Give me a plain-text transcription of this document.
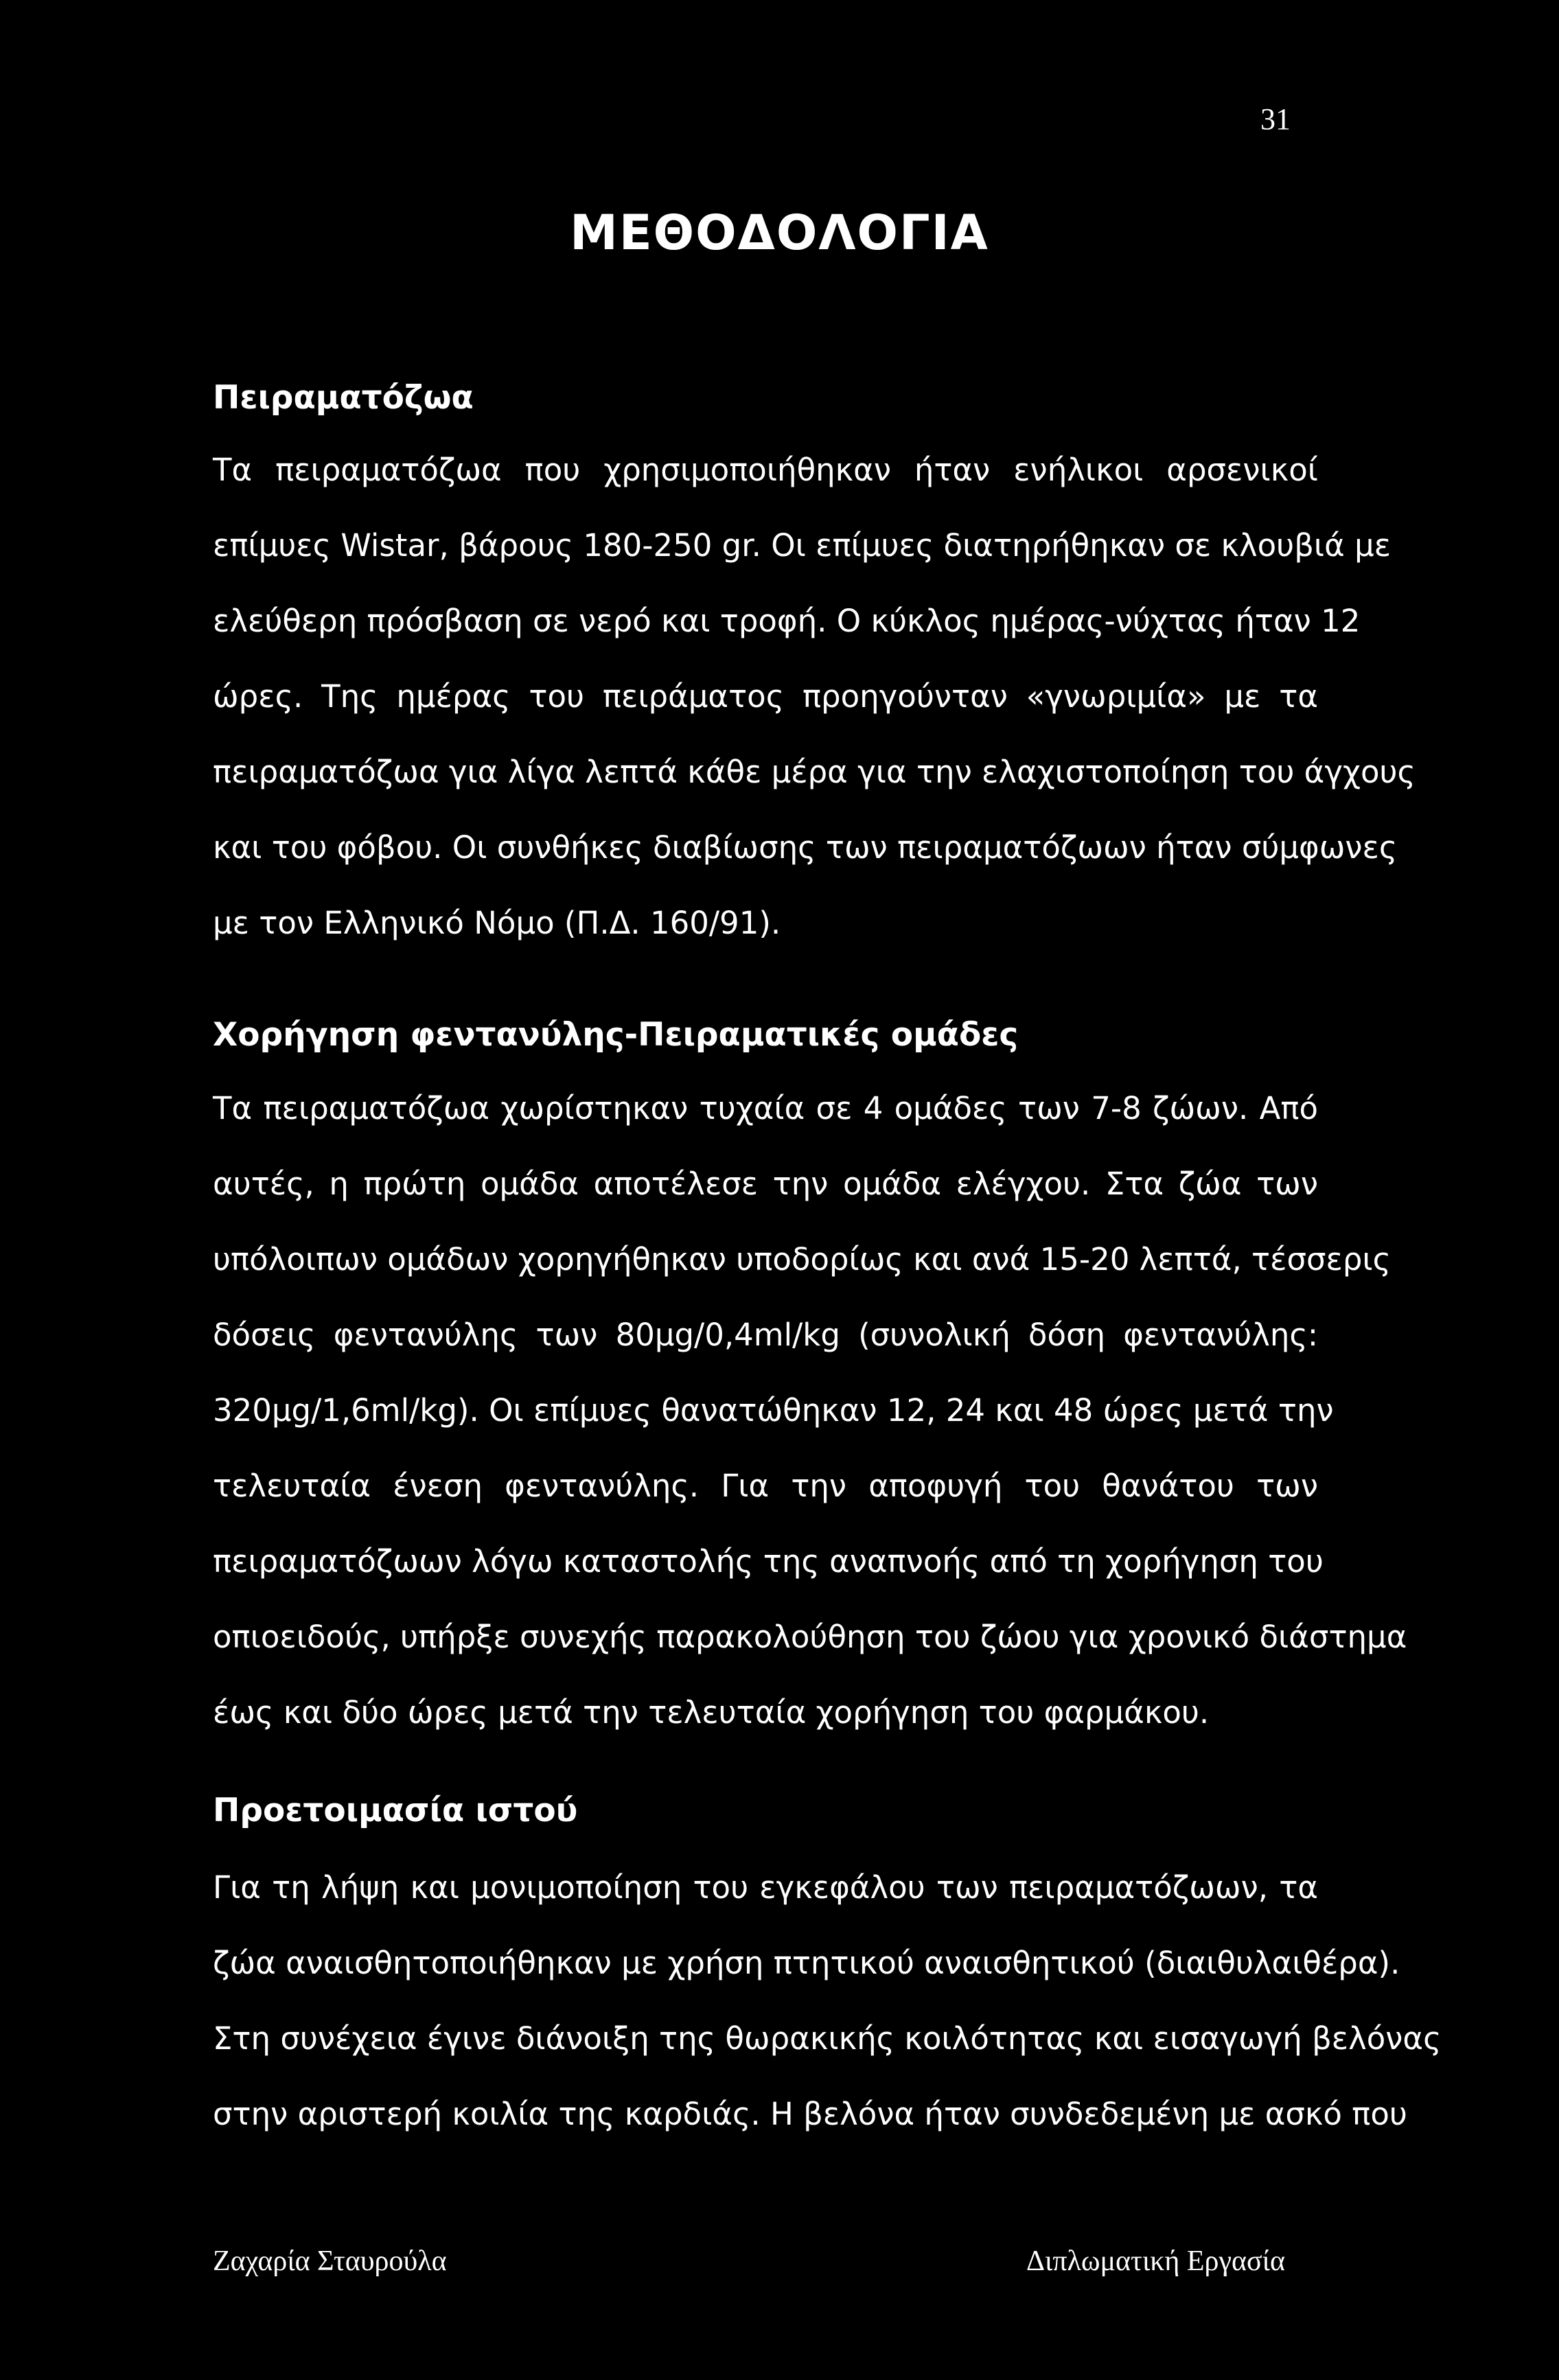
31
ΜΕΘΟΔΟΛΟΓΙΑ
Πειραματόζωα
Τα πειραματόζωα που χρησιμοποιήθηκαν ήταν ενήλικοι αρσενικοί
επίμυες Wistar, βάρους 180-250 gr. Οι επίμυες διατηρήθηκαν σε κλουβιά με
ελεύθερη πρόσβαση σε νερό και τροφή. Ο κύκλος ημέρας-νύχτας ήταν 12
ώρες. Της ημέρας του πειράματος προηγούνταν «γνωριμία» με τα
πειραματόζωα για λίγα λεπτά κάθε μέρα για την ελαχιστοποίηση του άγχους
και του φόβου. Οι συνθήκες διαβίωσης των πειραματόζωων ήταν σύμφωνες
με τον Ελληνικό Νόμο (Π.Δ. 160/91).
Χορήγηση φεντανύλης-Πειραματικές ομάδες
Τα πειραματόζωα χωρίστηκαν τυχαία σε 4 ομάδες των 7-8 ζώων. Από
αυτές, η πρώτη ομάδα αποτέλεσε την ομάδα ελέγχου. Στα ζώα των
υπόλοιπων ομάδων χορηγήθηκαν υποδορίως και ανά 15-20 λεπτά, τέσσερις
δόσεις φεντανύλης των 80μg/0,4ml/kg (συνολική δόση φεντανύλης:
320μg/1,6ml/kg). Οι επίμυες θανατώθηκαν 12, 24 και 48 ώρες μετά την
τελευταία ένεση φεντανύλης. Για την αποφυγή του θανάτου των
πειραματόζωων λόγω καταστολής της αναπνοής από τη χορήγηση του
οπιοειδούς, υπήρξε συνεχής παρακολούθηση του ζώου για χρονικό διάστημα
έως και δύο ώρες μετά την τελευταία χορήγηση του φαρμάκου.
Προετοιμασία ιστού
Για τη λήψη και μονιμοποίηση του εγκεφάλου των πειραματόζωων, τα
ζώα αναισθητοποιήθηκαν με χρήση πτητικού αναισθητικού (διαιθυλαιθέρα).
Στη συνέχεια έγινε διάνοιξη της θωρακικής κοιλότητας και εισαγωγή βελόνας
στην αριστερή κοιλία της καρδιάς. Η βελόνα ήταν συνδεδεμένη με ασκό που
Ζαχαρία Σταυρούλα	Διπλωματική Εργασία
